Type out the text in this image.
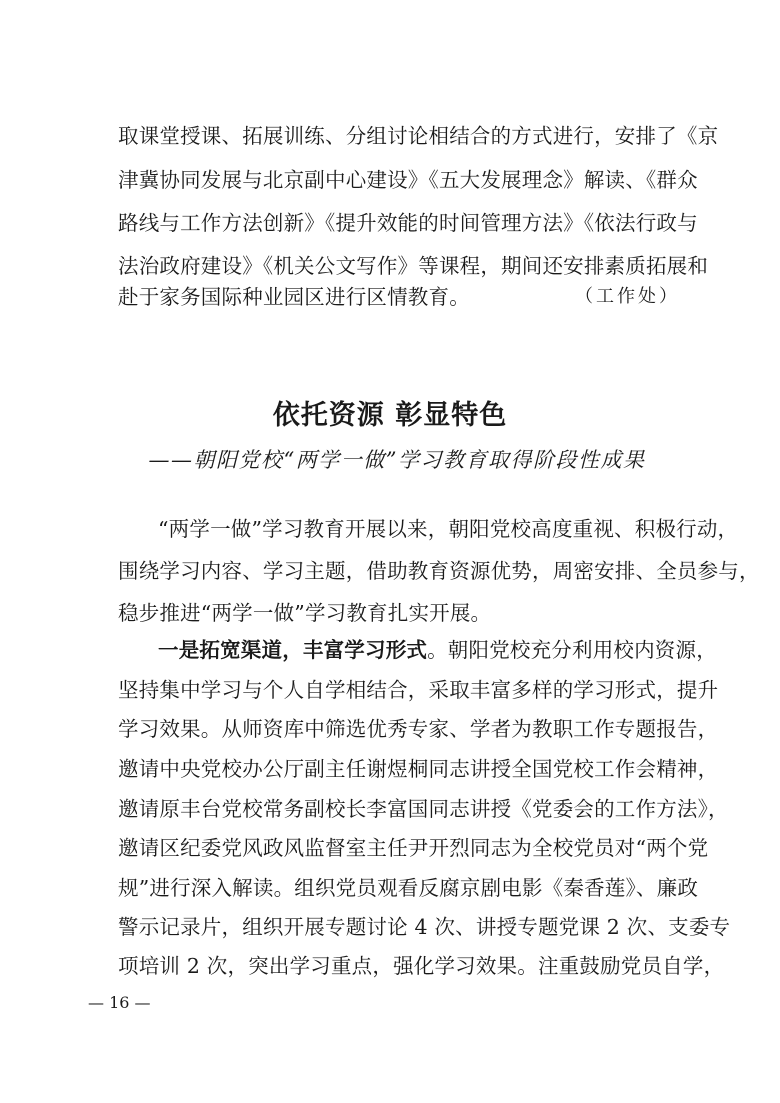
取课堂授课、拓展训练、分组讨论相结合的方式进行，安排了《京
津冀协同发展与北京副中心建设》《五大发展理念》解读、《群众
路线与工作方法创新》《提升效能的时间管理方法》《依法行政与
法治政府建设》《机关公文写作》等课程，期间还安排素质拓展和
赴于家务国际种业园区进行区情教育。	（工作处）
依托资源 彰显特色
——朝阳党校“两学一做”学习教育取得阶段性成果
“两学一做”学习教育开展以来，朝阳党校高度重视、积极行动，
围绕学习内容、学习主题，借助教育资源优势，周密安排、全员参与，
稳步推进“两学一做”学习教育扎实开展。
一是拓宽渠道，丰富学习形式。朝阳党校充分利用校内资源，
坚持集中学习与个人自学相结合，采取丰富多样的学习形式，提升
学习效果。从师资库中筛选优秀专家、学者为教职工作专题报告，
邀请中央党校办公厅副主任谢煜桐同志讲授全国党校工作会精神，
邀请原丰台党校常务副校长李富国同志讲授《党委会的工作方法》，
邀请区纪委党风政风监督室主任尹开烈同志为全校党员对“两个党
规”进行深入解读。组织党员观看反腐京剧电影《秦香莲》、廉政
警示记录片，组织开展专题讨论 4 次、讲授专题党课 2 次、支委专
项培训 2 次，突出学习重点，强化学习效果。注重鼓励党员自学，
— 16 —
